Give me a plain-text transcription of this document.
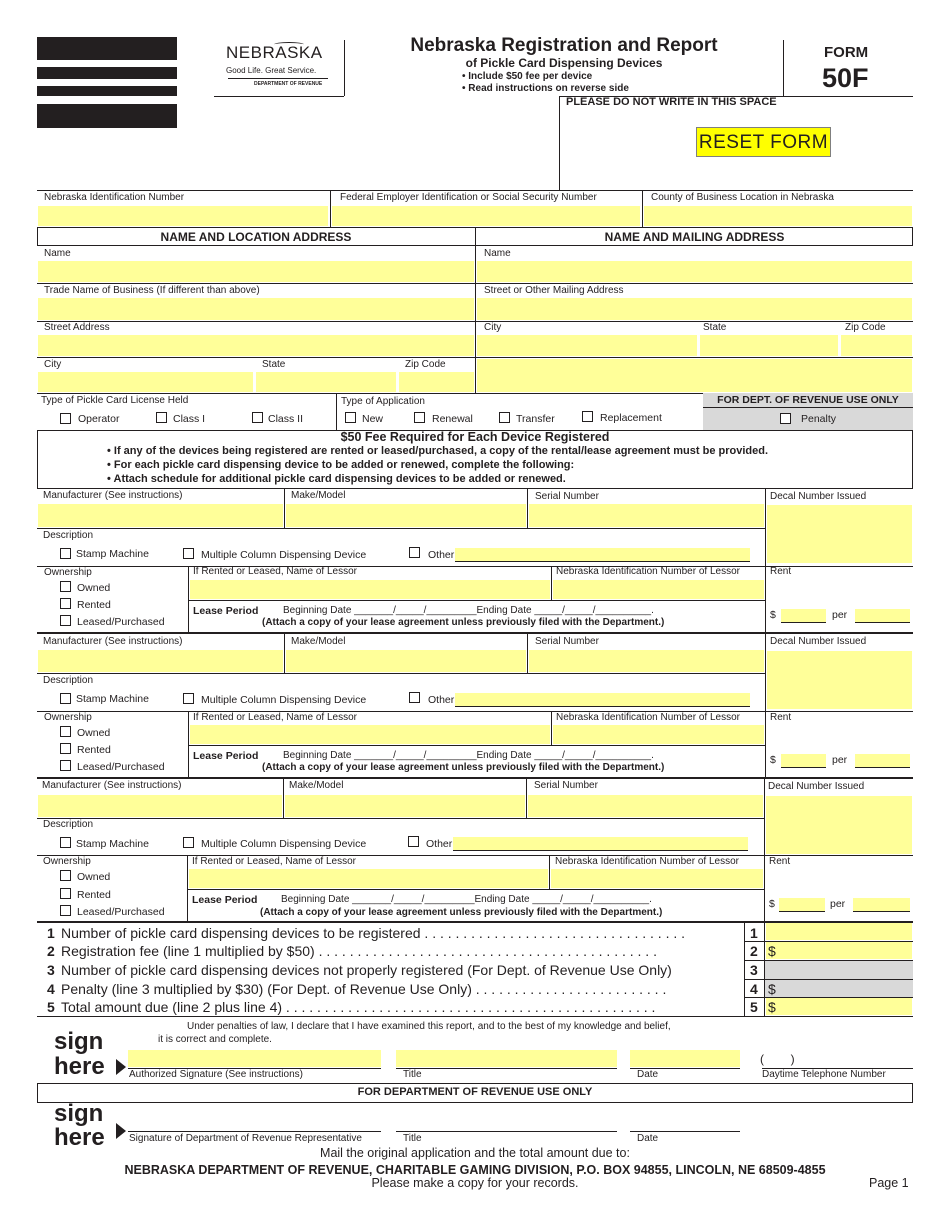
NEBRASKA
Good Life. Great Service.
DEPARTMENT OF REVENUE
Nebraska Registration and Report
of Pickle Card Dispensing Devices
• Include $50 fee per device
• Read instructions on reverse side
FORM
50F
PLEASE DO NOT WRITE IN THIS SPACE
RESET FORM
Nebraska Identification Number	Federal Employer Identification or Social Security Number	County of Business Location in Nebraska
NAME AND LOCATION ADDRESS	NAME AND MAILING ADDRESS
Name
Trade Name of Business (If different than above)
Street Address
City	State	Zip Code
Name
Street or Other Mailing Address
City	State	Zip Code
Type of Pickle Card License Held
Operator	Class I	Class II
Type of Application
New	Renewal	Transfer	Replacement
FOR DEPT. OF REVENUE USE ONLY
Penalty
$50 Fee Required for Each Device Registered
• If any of the devices being registered are rented or leased/purchased, a copy of the rental/lease agreement must be provided.
• For each pickle card dispensing device to be added or renewed, complete the following:
• Attach schedule for additional pickle card dispensing devices to be added or renewed.
Manufacturer (See instructions)	Make/Model	Serial Number	Decal Number Issued
Description
Stamp Machine	Multiple Column Dispensing Device	Other
Ownership
Owned
Rented
Leased/Purchased
If Rented or Leased, Name of Lessor	Nebraska Identification Number of Lessor	Rent
Lease Period Beginning Date _______/_____/_________Ending Date _____/_____/__________.
(Attach a copy of your lease agreement unless previously filed with the Department.)
$	per
Manufacturer (See instructions)	Make/Model	Serial Number	Decal Number Issued
Description
Stamp Machine	Multiple Column Dispensing Device	Other
Ownership
Owned
Rented
Leased/Purchased
If Rented or Leased, Name of Lessor	Nebraska Identification Number of Lessor	Rent
Lease Period Beginning Date _______/_____/_________Ending Date _____/_____/__________.
(Attach a copy of your lease agreement unless previously filed with the Department.)
$	per
Manufacturer (See instructions)	Make/Model	Serial Number	Decal Number Issued
Description
Stamp Machine	Multiple Column Dispensing Device	Other
Ownership
Owned
Rented
Leased/Purchased
If Rented or Leased, Name of Lessor	Nebraska Identification Number of Lessor	Rent
Lease Period Beginning Date _______/_____/_________Ending Date _____/_____/__________.
(Attach a copy of your lease agreement unless previously filed with the Department.)
$	per
1 Number of pickle card dispensing devices to be registered . . . . . . . . . . . . . . . . . . . . . . . . . . . . . . . . . .	1
2 Registration fee (line 1 multiplied by $50) . . . . . . . . . . . . . . . . . . . . . . . . . . . . . . . . . . . . . . . . . . . .	2 $
3 Number of pickle card dispensing devices not properly registered (For Dept. of Revenue Use Only)	3
4 Penalty (line 3 multiplied by $30) (For Dept. of Revenue Use Only) . . . . . . . . . . . . . . . . . . . . . . . . .	4 $
5 Total amount due (line 2 plus line 4) . . . . . . . . . . . . . . . . . . . . . . . . . . . . . . . . . . . . . . . . . . . . . . . .	5 $
Under penalties of law, I declare that I have examined this report, and to the best of my knowledge and belief,
it is correct and complete.
sign
here Authorized Signature (See instructions)	Title	Date
(        )
Daytime Telephone Number
FOR DEPARTMENT OF REVENUE USE ONLY
sign
here Signature of Department of Revenue Representative	Title	Date
Mail the original application and the total amount due to:
NEBRASKA DEPARTMENT OF REVENUE, CHARITABLE GAMING DIVISION, P.O. BOX 94855, LINCOLN, NE 68509-4855
Please make a copy for your records.	Page 1
